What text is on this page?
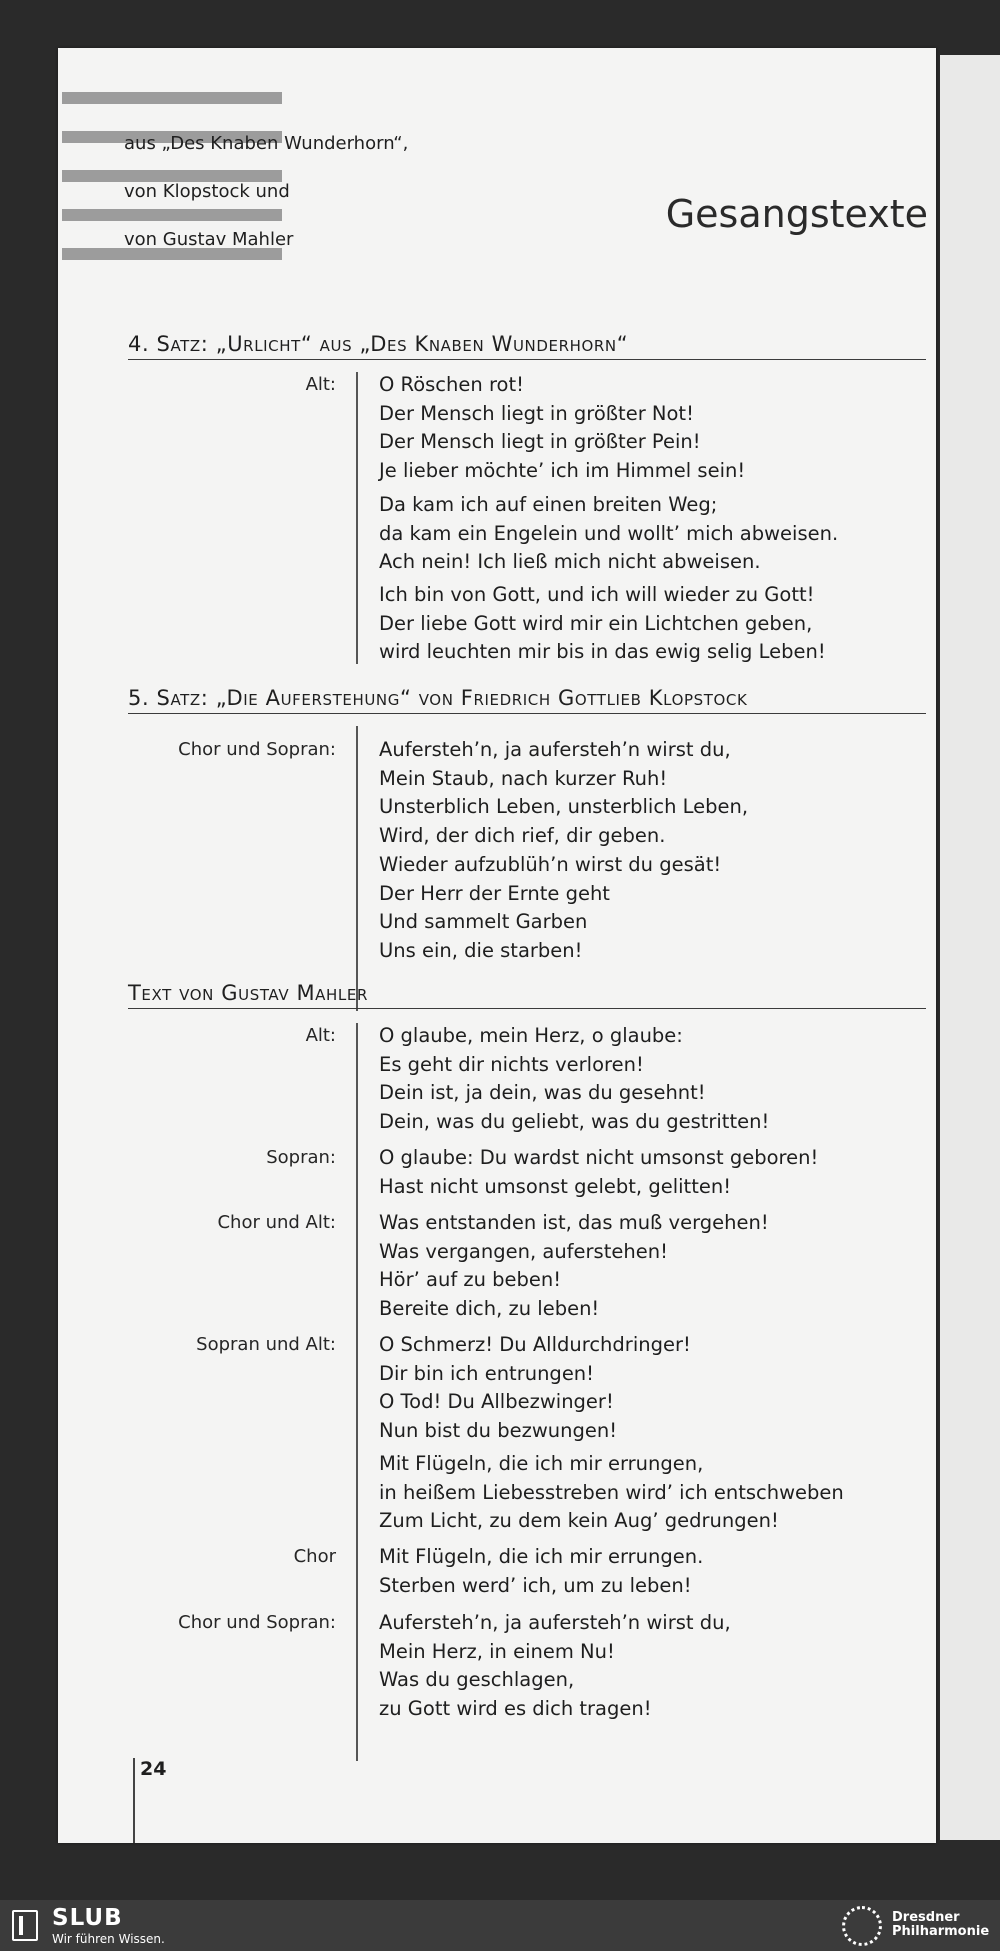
aus „Des Knaben Wunderhorn“,
von Klopstock und
von Gustav Mahler
Gesangstexte
4. Satz: „Urlicht“ aus „Des Knaben Wunderhorn“
Alt: O Röschen rot!
Der Mensch liegt in größter Not!
Der Mensch liegt in größter Pein!
Je lieber möchte’ ich im Himmel sein!
Da kam ich auf einen breiten Weg;
da kam ein Engelein und wollt’ mich abweisen.
Ach nein! Ich ließ mich nicht abweisen.
Ich bin von Gott, und ich will wieder zu Gott!
Der liebe Gott wird mir ein Lichtchen geben,
wird leuchten mir bis in das ewig selig Leben!
5. Satz: „Die Auferstehung“ von Friedrich Gottlieb Klopstock
Chor und Sopran: Aufersteh’n, ja aufersteh’n wirst du,
Mein Staub, nach kurzer Ruh!
Unsterblich Leben, unsterblich Leben,
Wird, der dich rief, dir geben.
Wieder aufzublüh’n wirst du gesät!
Der Herr der Ernte geht
Und sammelt Garben
Uns ein, die starben!
Text von Gustav Mahler
Alt: O glaube, mein Herz, o glaube:
Es geht dir nichts verloren!
Dein ist, ja dein, was du gesehnt!
Dein, was du geliebt, was du gestritten!
Sopran: O glaube: Du wardst nicht umsonst geboren!
Hast nicht umsonst gelebt, gelitten!
Chor und Alt: Was entstanden ist, das muß vergehen!
Was vergangen, auferstehen!
Hör’ auf zu beben!
Bereite dich, zu leben!
Sopran und Alt: O Schmerz! Du Alldurchdringer!
Dir bin ich entrungen!
O Tod! Du Allbezwinger!
Nun bist du bezwungen!
Mit Flügeln, die ich mir errungen,
in heißem Liebesstreben wird’ ich entschweben
Zum Licht, zu dem kein Aug’ gedrungen!
Chor Mit Flügeln, die ich mir errungen.
Sterben werd’ ich, um zu leben!
Chor und Sopran: Aufersteh’n, ja aufersteh’n wirst du,
Mein Herz, in einem Nu!
Was du geschlagen,
zu Gott wird es dich tragen!
24
SLUB
Wir führen Wissen.
Dresdner
Philharmonie
